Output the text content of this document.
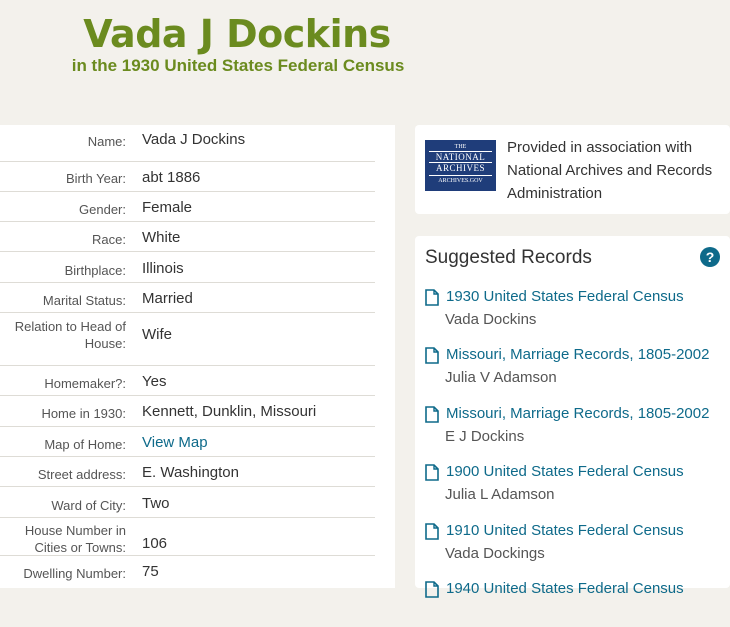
Vada J Dockins
in the 1930 United States Federal Census
Name: Vada J Dockins
Birth Year: abt 1886
Gender: Female
Race: White
Birthplace: Illinois
Marital Status: Married
Relation to Head of House:
Wife
Homemaker?: Yes
Home in 1930: Kennett, Dunklin, Missouri
Map of Home: View Map
Street address: E. Washington
Ward of City: Two
House Number in Cities or Towns: 106
Dwelling Number: 75
THE
NATIONAL
ARCHIVES
ARCHIVES.GOV
Provided in association with National Archives and Records Administration
Suggested Records	?
1930 United States Federal Census
Vada Dockins
Missouri, Marriage Records, 1805-2002
Julia V Adamson
Missouri, Marriage Records, 1805-2002
E J Dockins
1900 United States Federal Census
Julia L Adamson
1910 United States Federal Census
Vada Dockings
1940 United States Federal Census
